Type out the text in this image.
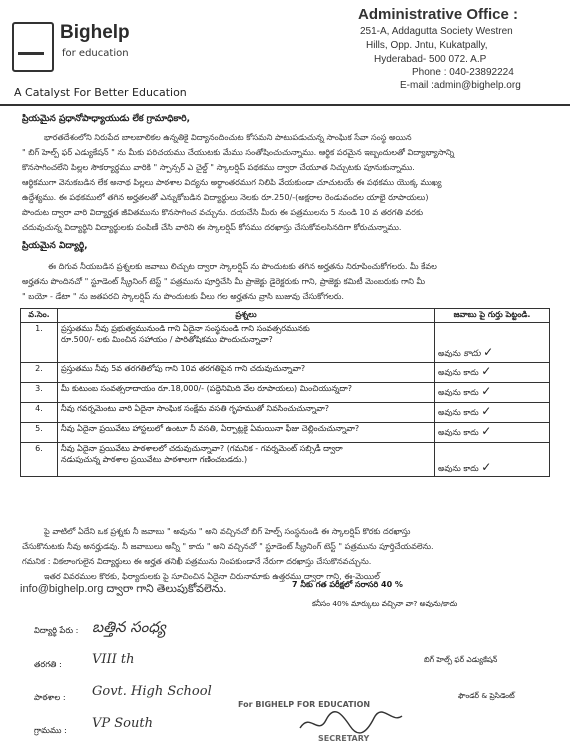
Bighelp
for education
A Catalyst For Better Education
Administrative Office :
251-A, Addagutta Society Westren
Hills, Opp. Jntu, Kukatpally,
Hyderabad- 500 072. A.P
Phone : 040-23892224
E-mail :admin@bighelp.org
ప్రియమైన ప్రధానోపాధ్యాయుడు లేక గ్రామాధికారి,
భారతదేశంలోని నిరుపేద బాలబాలికల ఉన్నతికై విద్యానందించుట కోసమని పాటుపడుచున్న సాంఘిక సేవా సంస్థ అయిన
" బిగ్ హెల్ప్ ఫర్ ఎడ్యుకేషన్ " ను మీకు పరిచయము చేయుటకు మేము సంతోషించుచున్నాము. ఆర్థిక పరమైన ఇబ్బందులతో విద్యాభ్యాసాన్ని
కొనసాగించలేని పిల్లల సౌకర్యార్థము వారికి " స్పాన్సర్ ఎ చైల్డ్ " స్కాలర్షిప్ పథకము ద్వారా చేయూత నిచ్చుటకు పూనుకున్నాము.
ఆర్థికముగా వెనుకబడిన లేక అనాథ పిల్లలు పాఠశాల విద్యను అర్థాంతరముగ నిలిపి వేయకుండా చూచుటయే ఈ పథకము యొక్క ముఖ్య
ఉద్దేశ్యము. ఈ పథకములో తగిన అర్హతలతో ఎన్నుకోబడిన విద్యార్థులు నెలకు రూ.250/-(అక్షరాల రెండువందల యాభై రూపాయలు)
పొందుట ద్వారా వారి విద్యార్హత జీవితమును కొనసాగించ వచ్చును. దయచేసి మీరు ఈ పత్రములను 5 నుండి 10 వ తరగతి వరకు
చదువుచున్న విద్యార్థిని విద్యార్థులకు పంపిణీ చేసి వారిని ఈ స్కాలర్షిప్ కోసము దరఖాస్తు చేసుకోవలసినదిగా కోరుచున్నాము.
ప్రియమైన విద్యార్థి,
ఈ దిగువ నీయబడిన ప్రశ్నలకు జవాబు లిచ్చుట ద్వారా స్కాలర్షిప్ ను పొందుటకు తగిన అర్హతను నిరూపించుకోగలరు. మీ కేవల
అర్హతను పొందినచో " స్టూడెంట్ స్క్రీనింగ్ టెస్ట్ " పత్రమును పూర్తిచేసి మీ ప్రాజెక్టు డైరెక్టరుకు గాని, ప్రాజెక్టు కమిటీ మెంబరుకు గాని మీ
" బయో - డేటా " ను జతపరచి స్కాలర్షిప్ ను పొందుటకు వీలు గల అర్హతను వ్రాసి బుజువు చేసుకోగలరు.
వ.సెం.	ప్రశ్నలు	జవాబు పై గుర్తు పెట్టండి.
1.	ప్రస్తుతము నీవు ప్రభుత్వమునుండి గాని ఏదైనా సంస్థనుండి గాని సంవత్సరమునకు
రూ.500/- లకు మించిన సహాయం / పారితోషికము పొందుచున్నావా?	అవును కాదు ✓
2.	ప్రస్తుతము నీవు 5వ తరగతిలోపు గాని 10వ తరగతిపైన గాని చదువుచున్నావా?	అవును కాదు ✓
3.	మీ కుటుంబ సంవత్సరాదాయం రూ.18,000/- (పద్దెనిమిది వేల రూపాయలు) మించియున్నదా?	అవును కాదు ✓
4.	నీవు గవర్నమెంటు వారి ఏదైనా సాంఘిక సంక్షేమ వసతి గృహముతో నివసించుచున్నావా?	అవును కాదు ✓
5.	నీవు ఏదైనా ప్రయివేటు హాస్టలులో ఉంటూ నీ వసతి, ఏర్పాట్లకై ఏమయినా ఫీజు చెల్లించుచున్నావా?	అవును కాదు ✓
6.	నీవు ఏదైనా ప్రయివేటు పాఠశాలలో చదువుచున్నావా? (గమనిక - గవర్నమెంట్ సబ్సిడీ ద్వారా
నడుపుచున్న పాఠశాల ప్రయివేటు పాఠశాలగా గణించబడదు.)	అవును కాదు ✓
పై వాటిలో ఏదేని ఒక ప్రశ్నకు నీ జవాబు " అవును " అని వచ్చినచో బిగ్ హెల్ప్ సంస్థనుండి ఈ స్కాలర్షిప్ కొరకు దరఖాస్తు
చేసుకొనుటకు నీవు అనర్హుడవు. నీ జవాబులు అన్నీ " కాదు " అని వచ్చినచో " స్టూడెంట్ స్క్రీనింగ్ టెస్ట్ " పత్రమును పూర్తిచేయవలెను.
గమనిక : వికలాంగులైన విద్యార్థులు ఈ అర్హత తనిఖీ పత్రమును నింపకుండానే నేరుగా దరఖాస్తు చేసుకొనవచ్చును.
ఇతర వివరముల కొరకు, ఫిర్యాదులకు పై సూచించిన ఏదైనా చిరునామాకు ఉత్తరము ద్వారా గాని, ఈ-మెయిల్
7 నీకు గత పరీక్షలో సరాసరి 40 %
info@bighelp.org ద్వారా గాని తెలుపుకోవలెను.
కనీసం 40% మార్కులు వచ్చినా వా? అవును/కాదు
విద్యార్థి పేరు : బత్తిన సంధ్య
తరగతి : VIII th
పాఠశాల : Govt. High School
గ్రామము : VP South
బిగ్ హెల్ప్ ఫర్ ఎడ్యుకేషన్
ఫౌండర్ & ప్రెసిడెంట్
For BIGHELP FOR EDUCATION
SECRETARY
